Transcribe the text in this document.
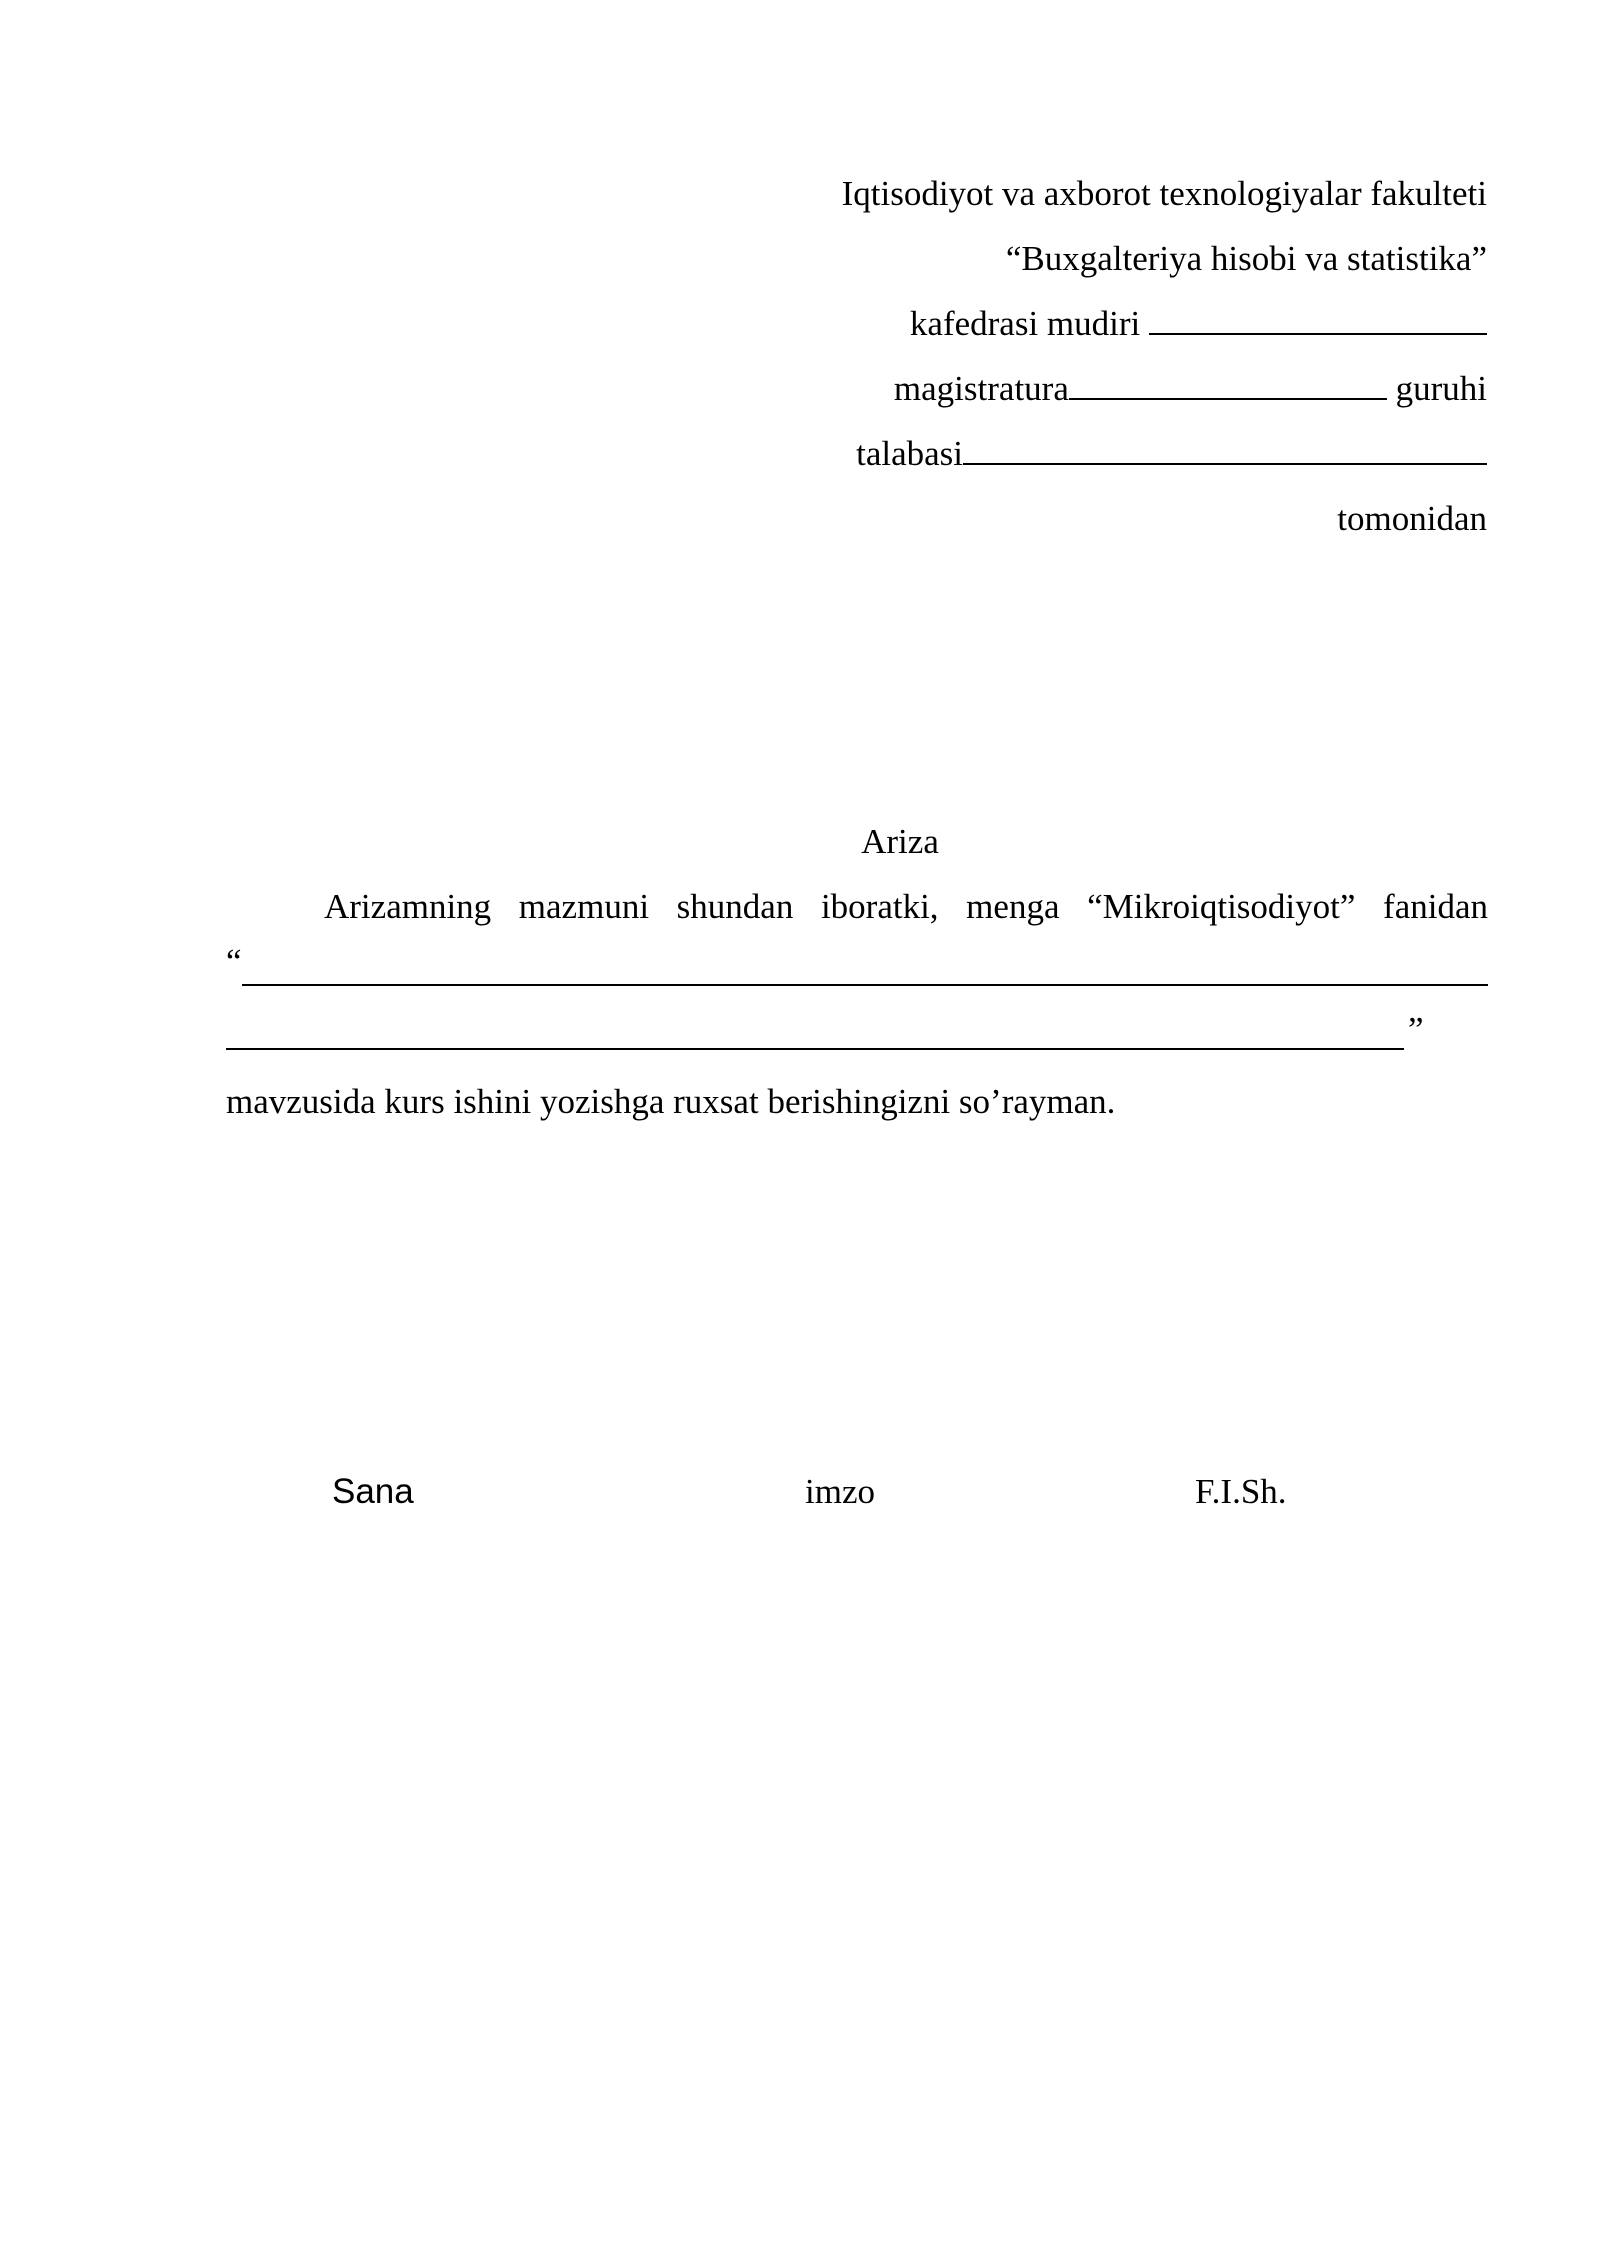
Iqtisodiyot va axborot texnologiyalar fakulteti
“Buxgalteriya hisobi va statistika”
kafedrasi mudiri
magistratura	guruhi
talabasi
tomonidan
Ariza
Arizamning mazmuni shundan iboratki, menga “Mikroiqtisodiyot” fanidan
“
”
mavzusida kurs ishini yozishga ruxsat berishingizni so’rayman.
Sana	imzo	F.I.Sh.
